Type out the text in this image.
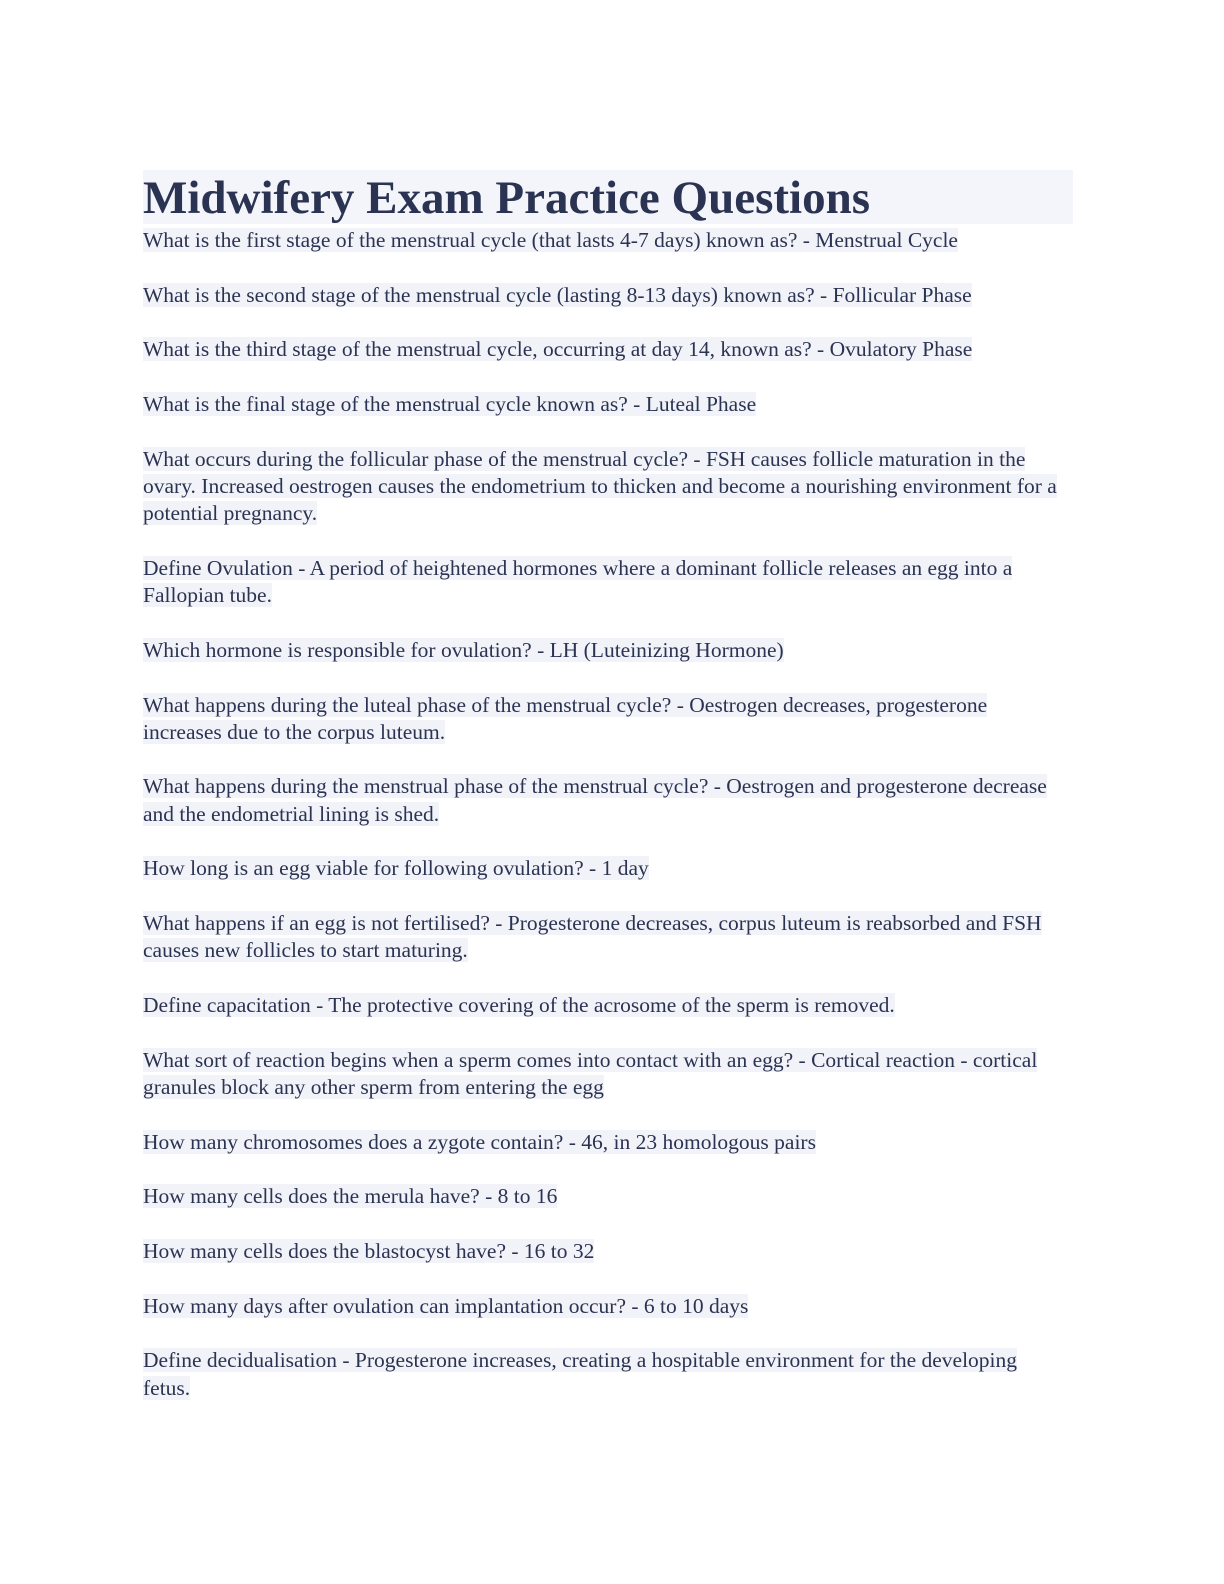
Midwifery Exam Practice Questions

What is the first stage of the menstrual cycle (that lasts 4-7 days) known as? - Menstrual Cycle

What is the second stage of the menstrual cycle (lasting 8-13 days) known as? - Follicular Phase

What is the third stage of the menstrual cycle, occurring at day 14, known as? - Ovulatory Phase

What is the final stage of the menstrual cycle known as? - Luteal Phase

What occurs during the follicular phase of the menstrual cycle? - FSH causes follicle maturation in the ovary. Increased oestrogen causes the endometrium to thicken and become a nourishing environment for a potential pregnancy.

Define Ovulation - A period of heightened hormones where a dominant follicle releases an egg into a Fallopian tube.

Which hormone is responsible for ovulation? - LH (Luteinizing Hormone)

What happens during the luteal phase of the menstrual cycle? - Oestrogen decreases, progesterone increases due to the corpus luteum.

What happens during the menstrual phase of the menstrual cycle? - Oestrogen and progesterone decrease and the endometrial lining is shed.

How long is an egg viable for following ovulation? - 1 day

What happens if an egg is not fertilised? - Progesterone decreases, corpus luteum is reabsorbed and FSH causes new follicles to start maturing.

Define capacitation - The protective covering of the acrosome of the sperm is removed.

What sort of reaction begins when a sperm comes into contact with an egg? - Cortical reaction - cortical granules block any other sperm from entering the egg

How many chromosomes does a zygote contain? - 46, in 23 homologous pairs

How many cells does the merula have? - 8 to 16

How many cells does the blastocyst have? - 16 to 32

How many days after ovulation can implantation occur? - 6 to 10 days

Define decidualisation - Progesterone increases, creating a hospitable environment for the developing fetus.
